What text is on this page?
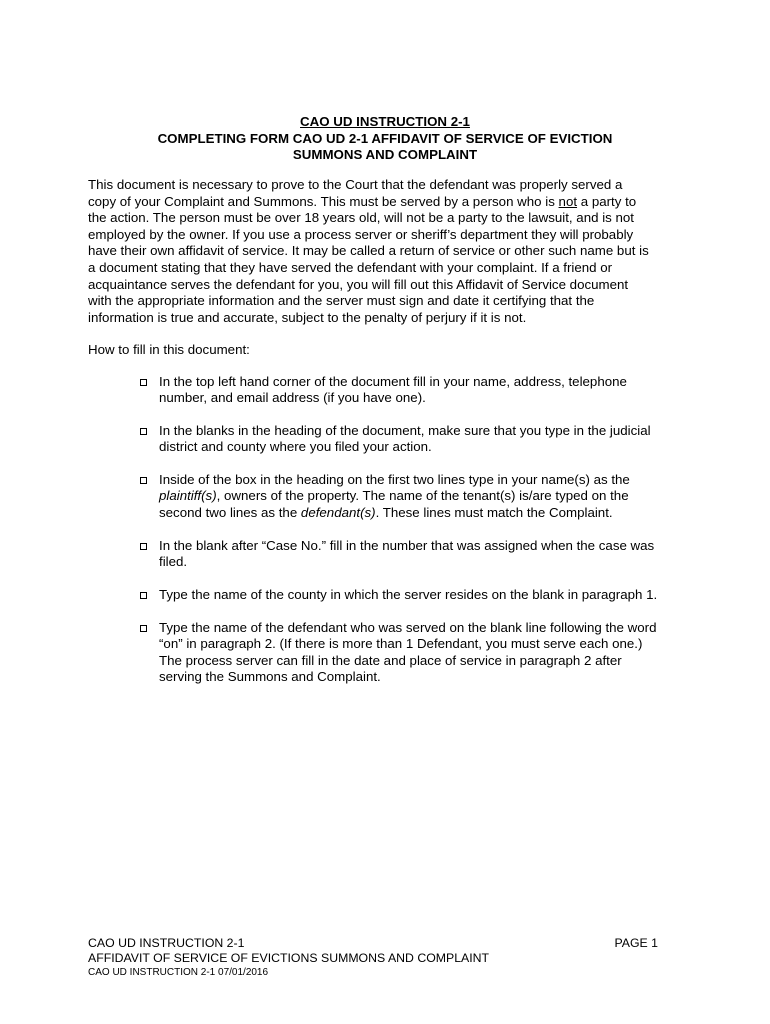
CAO UD INSTRUCTION 2-1
COMPLETING FORM CAO UD 2-1 AFFIDAVIT OF SERVICE OF EVICTION
SUMMONS AND COMPLAINT
This document is necessary to prove to the Court that the defendant was properly served a
copy of your Complaint and Summons. This must be served by a person who is not a party to
the action. The person must be over 18 years old, will not be a party to the lawsuit, and is not
employed by the owner. If you use a process server or sheriff’s department they will probably
have their own affidavit of service. It may be called a return of service or other such name but is
a document stating that they have served the defendant with your complaint. If a friend or
acquaintance serves the defendant for you, you will fill out this Affidavit of Service document
with the appropriate information and the server must sign and date it certifying that the
information is true and accurate, subject to the penalty of perjury if it is not.
How to fill in this document:
In the top left hand corner of the document fill in your name, address, telephone
number, and email address (if you have one).
In the blanks in the heading of the document, make sure that you type in the judicial
district and county where you filed your action.
Inside of the box in the heading on the first two lines type in your name(s) as the
plaintiff(s), owners of the property. The name of the tenant(s) is/are typed on the
second two lines as the defendant(s). These lines must match the Complaint.
In the blank after “Case No.” fill in the number that was assigned when the case was
filed.
Type the name of the county in which the server resides on the blank in paragraph 1.
Type the name of the defendant who was served on the blank line following the word
“on” in paragraph 2. (If there is more than 1 Defendant, you must serve each one.)
The process server can fill in the date and place of service in paragraph 2 after
serving the Summons and Complaint.
CAO UD INSTRUCTION 2-1
AFFIDAVIT OF SERVICE OF EVICTIONS SUMMONS AND COMPLAINT
CAO UD INSTRUCTION 2-1 07/01/2016
PAGE 1
